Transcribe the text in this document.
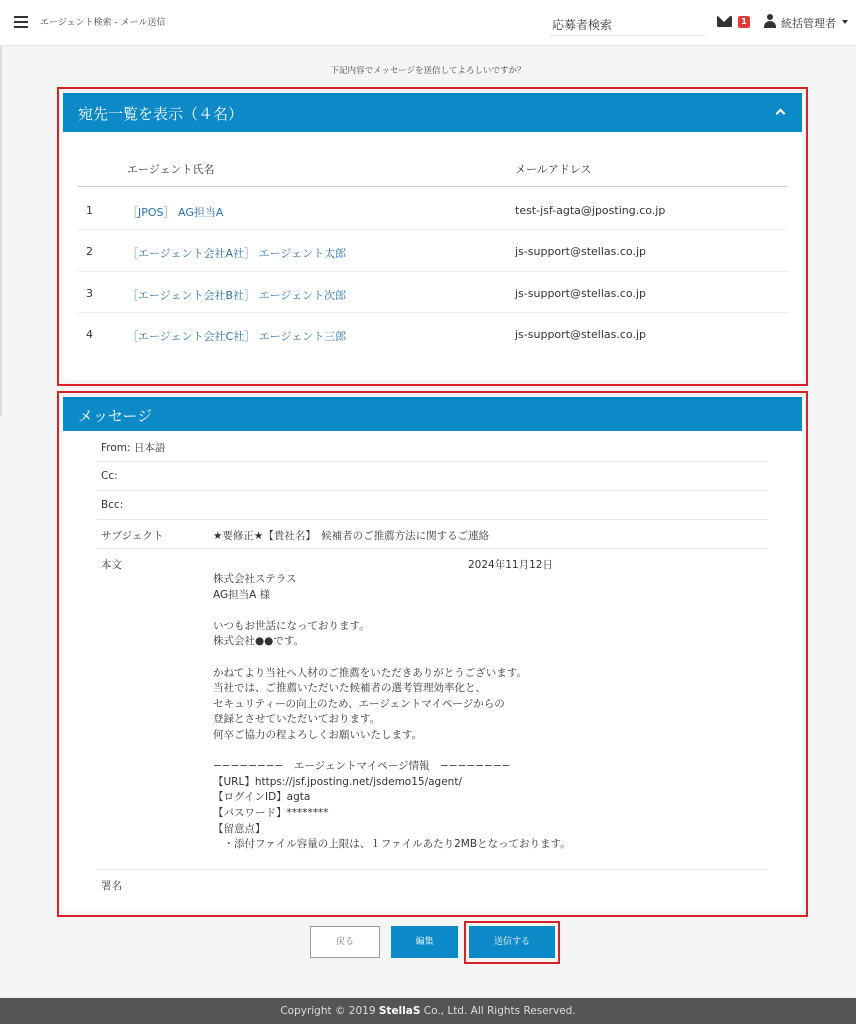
エージェント検索 - メール送信	応募者検索	1	統括管理者
下記内容でメッセージを送信してよろしいですか？
宛先一覧を表示（４名）
エージェント氏名	メールアドレス
1	［JPOS］ AG担当A	test-jsf-agta@jposting.co.jp
2	［エージェント会社A社］ エージェント太郎	js-support@stellas.co.jp
3	［エージェント会社B社］ エージェント次郎	js-support@stellas.co.jp
4	［エージェント会社C社］ エージェント三郎	js-support@stellas.co.jp
メッセージ
From: 日本語
Cc:
Bcc:
サブジェクト	★要修正★【貴社名】　候補者のご推薦方法に関するご連絡
本文	2024年11月12日
株式会社ステラス
AG担当A 様
いつもお世話になっております。
株式会社●●です。
かねてより当社へ人材のご推薦をいただきありがとうございます。
当社では、ご推薦いただいた候補者の選考管理効率化と、
セキュリティーの向上のため、エージェントマイページからの
登録とさせていただいております。
何卒ご協力の程よろしくお願いいたします。
−−−−−−−−　エージェントマイページ情報　−−−−−−−−
【URL】https://jsf.jposting.net/jsdemo15/agent/
【ログインID】agta
【パスワード】********
【留意点】
　・添付ファイル容量の上限は、１ファイルあたり2MBとなっております。
署名
戻る	編集	送信する
Copyright © 2019 StellaS Co., Ltd. All Rights Reserved.
